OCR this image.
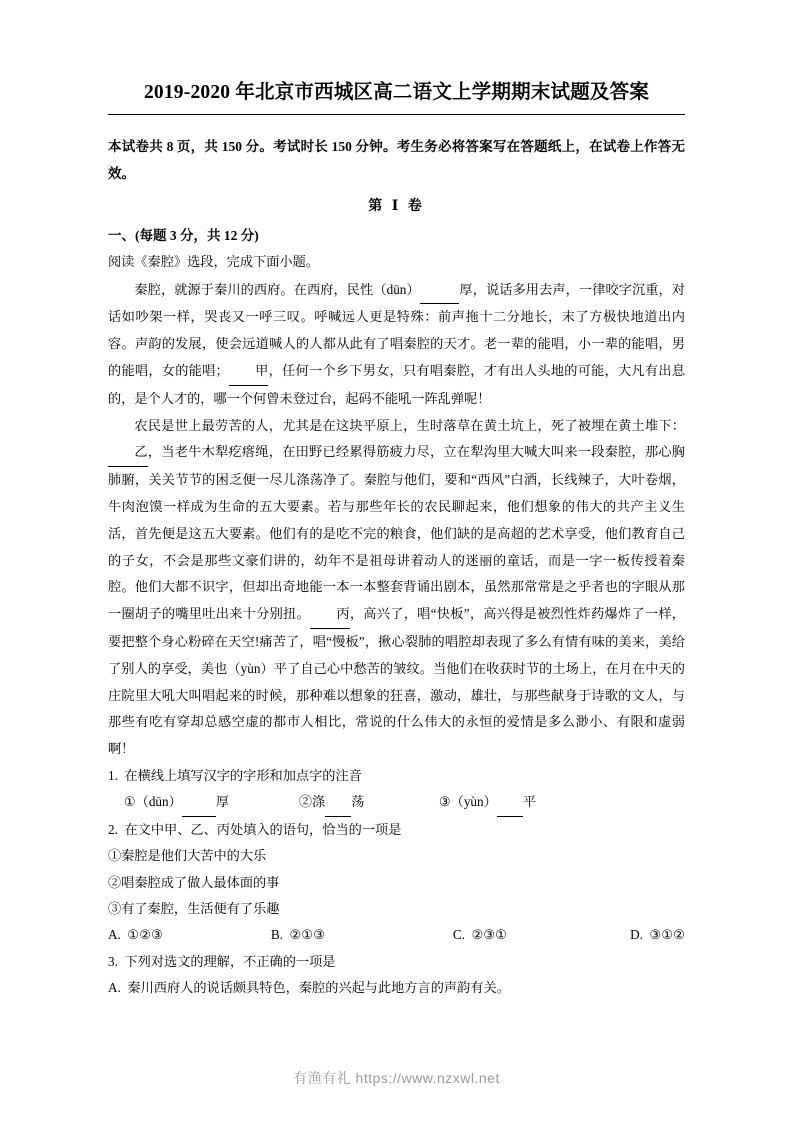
2019-2020 年北京市西城区高二语文上学期期末试题及答案

本试卷共 8 页，共 150 分。考试时长 150 分钟。考生务必将答案写在答题纸上，在试卷上作答无效。

第 Ⅰ 卷

一、(每题 3 分，共 12 分)

阅读《秦腔》选段，完成下面小题。

秦腔，就源于秦川的西府。在西府，民性（dūn）	厚，说话多用去声，一律咬字沉重，对话如吵架一样，哭丧又一呼三叹。呼喊远人更是特殊：前声拖十二分地长，末了方极快地道出内容。声韵的发展，使会远道喊人的人都从此有了唱秦腔的天才。老一辈的能唱，小一辈的能唱，男的能唱，女的能唱； 甲，任何一个乡下男女，只有唱秦腔，才有出人头地的可能，大凡有出息的，是个人才的，哪一个何曾未登过台，起码不能吼一阵乱弹呢！

农民是世上最劳苦的人，尤其是在这块平原上，生时落草在黄土坑上，死了被埋在黄土堆下：乙，当老牛木犁疙瘩绳，在田野已经累得筋疲力尽，立在犁沟里大喊大叫来一段秦腔，那心胸肺腑，关关节节的困乏便一尽儿涤荡净了。秦腔与他们，要和“西风”白酒，长线辣子，大叶卷烟，牛肉泡馍一样成为生命的五大要素。若与那些年长的农民聊起来，他们想象的伟大的共产主义生活，首先便是这五大要素。他们有的是吃不完的粮食，他们缺的是高超的艺术享受，他们教育自己的子女，不会是那些文豪们讲的，幼年不是祖母讲着动人的迷丽的童话，而是一字一板传授着秦腔。他们大都不识字，但却出奇地能一本一本整套背诵出剧本，虽然那常常是之乎者也的字眼从那一圈胡子的嘴里吐出来十分别扭。 丙，高兴了，唱“快板”，高兴得是被烈性炸药爆炸了一样，要把整个身心粉碎在天空!痛苦了，唱“慢板”，揪心裂肺的唱腔却表现了多么有情有味的美来，美给了别人的享受，美也（yùn）平了自己心中愁苦的皱纹。当他们在收获时节的土场上，在月在中天的庄院里大吼大叫唱起来的时候，那种难以想象的狂喜，激动，雄壮，与那些献身于诗歌的文人，与那些有吃有穿却总感空虚的都市人相比，常说的什么伟大的永恒的爱情是多么渺小、有限和虚弱啊！

1. 在横线上填写汉字的字形和加点字的注音

①（dūn）	厚	②涤 荡	③（yùn） 平

2. 在文中甲、乙、丙处填入的语句，恰当的一项是

①秦腔是他们大苦中的大乐

②唱秦腔成了做人最体面的事

③有了秦腔，生活便有了乐趣

A. ①②③	B. ②①③	C. ②③①	D. ③①②

3. 下列对选文的理解，不正确的一项是

A. 秦川西府人的说话颇具特色，秦腔的兴起与此地方言的声韵有关。

有渔有礼 https://www.nzxwl.net
